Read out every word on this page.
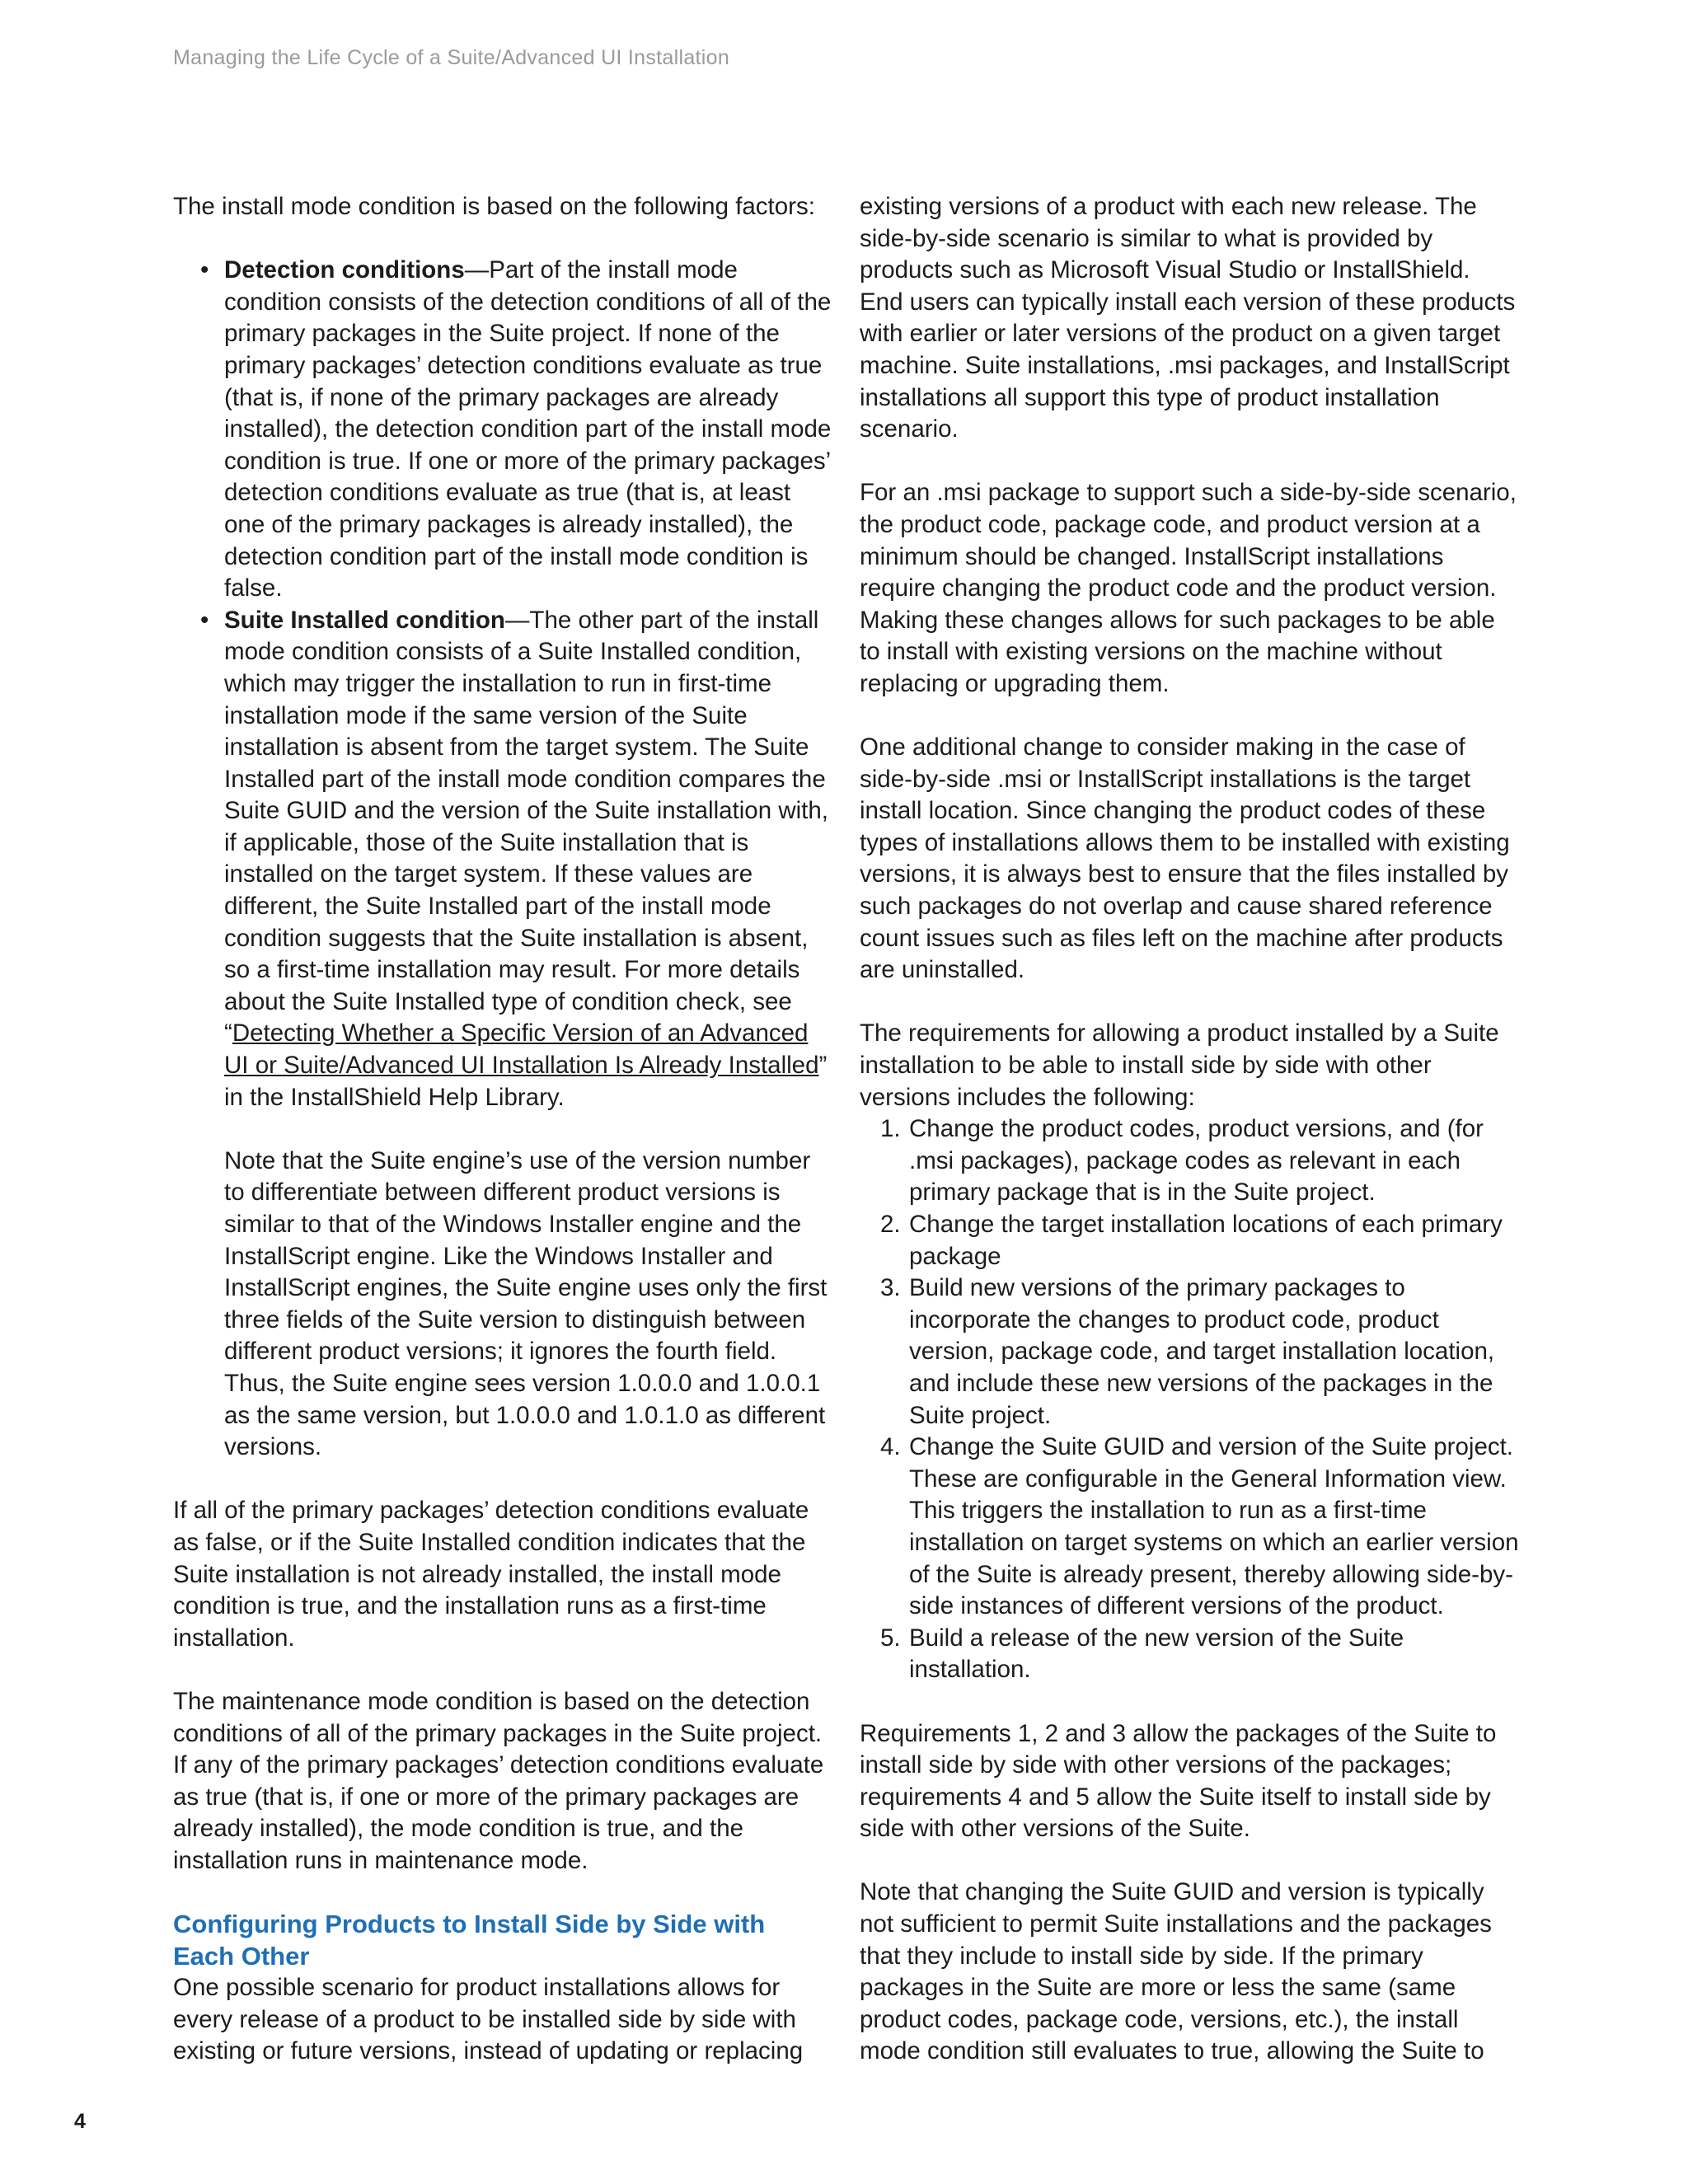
Managing the Life Cycle of a Suite/Advanced UI Installation

The install mode condition is based on the following factors:

• Detection conditions—Part of the install mode condition consists of the detection conditions of all of the primary packages in the Suite project. If none of the primary packages’ detection conditions evaluate as true (that is, if none of the primary packages are already installed), the detection condition part of the install mode condition is true. If one or more of the primary packages’ detection conditions evaluate as true (that is, at least one of the primary packages is already installed), the detection condition part of the install mode condition is false.
• Suite Installed condition—The other part of the install mode condition consists of a Suite Installed condition, which may trigger the installation to run in first-time installation mode if the same version of the Suite installation is absent from the target system. The Suite Installed part of the install mode condition compares the Suite GUID and the version of the Suite installation with, if applicable, those of the Suite installation that is installed on the target system. If these values are different, the Suite Installed part of the install mode condition suggests that the Suite installation is absent, so a first-time installation may result. For more details about the Suite Installed type of condition check, see “Detecting Whether a Specific Version of an Advanced UI or Suite/Advanced UI Installation Is Already Installed” in the InstallShield Help Library.

Note that the Suite engine’s use of the version number to differentiate between different product versions is similar to that of the Windows Installer engine and the InstallScript engine. Like the Windows Installer and InstallScript engines, the Suite engine uses only the first three fields of the Suite version to distinguish between different product versions; it ignores the fourth field. Thus, the Suite engine sees version 1.0.0.0 and 1.0.0.1 as the same version, but 1.0.0.0 and 1.0.1.0 as different versions.

If all of the primary packages’ detection conditions evaluate as false, or if the Suite Installed condition indicates that the Suite installation is not already installed, the install mode condition is true, and the installation runs as a first-time installation.

The maintenance mode condition is based on the detection conditions of all of the primary packages in the Suite project. If any of the primary packages’ detection conditions evaluate as true (that is, if one or more of the primary packages are already installed), the mode condition is true, and the installation runs in maintenance mode.

Configuring Products to Install Side by Side with Each Other

One possible scenario for product installations allows for every release of a product to be installed side by side with existing or future versions, instead of updating or replacing

existing versions of a product with each new release. The side-by-side scenario is similar to what is provided by products such as Microsoft Visual Studio or InstallShield. End users can typically install each version of these products with earlier or later versions of the product on a given target machine. Suite installations, .msi packages, and InstallScript installations all support this type of product installation scenario.

For an .msi package to support such a side-by-side scenario, the product code, package code, and product version at a minimum should be changed. InstallScript installations require changing the product code and the product version. Making these changes allows for such packages to be able to install with existing versions on the machine without replacing or upgrading them.

One additional change to consider making in the case of side-by-side .msi or InstallScript installations is the target install location. Since changing the product codes of these types of installations allows them to be installed with existing versions, it is always best to ensure that the files installed by such packages do not overlap and cause shared reference count issues such as files left on the machine after products are uninstalled.

The requirements for allowing a product installed by a Suite installation to be able to install side by side with other versions includes the following:

1. Change the product codes, product versions, and (for .msi packages), package codes as relevant in each primary package that is in the Suite project.
2. Change the target installation locations of each primary package
3. Build new versions of the primary packages to incorporate the changes to product code, product version, package code, and target installation location, and include these new versions of the packages in the Suite project.
4. Change the Suite GUID and version of the Suite project. These are configurable in the General Information view. This triggers the installation to run as a first-time installation on target systems on which an earlier version of the Suite is already present, thereby allowing side-by-side instances of different versions of the product.
5. Build a release of the new version of the Suite installation.

Requirements 1, 2 and 3 allow the packages of the Suite to install side by side with other versions of the packages; requirements 4 and 5 allow the Suite itself to install side by side with other versions of the Suite.

Note that changing the Suite GUID and version is typically not sufficient to permit Suite installations and the packages that they include to install side by side. If the primary packages in the Suite are more or less the same (same product codes, package code, versions, etc.), the install mode condition still evaluates to true, allowing the Suite to

4
